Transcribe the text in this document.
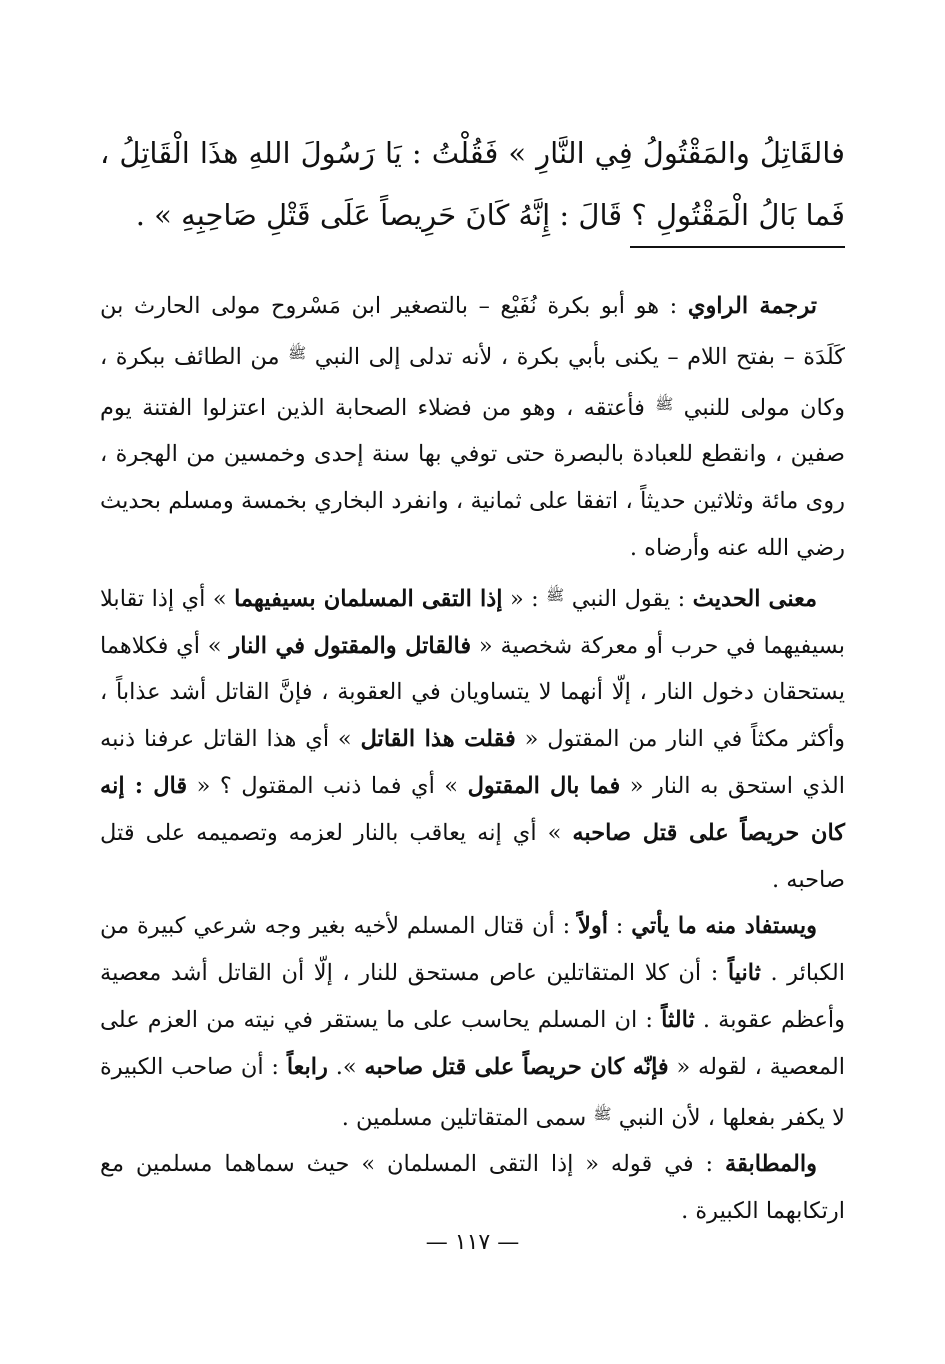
فالقَاتِلُ والمَقْتُولُ فِي النَّارِ » فَقُلْتُ : يَا رَسُولَ اللهِ هذَا الْقَاتِلُ ، فَما بَالُ الْمَقْتُولِ ؟ قَالَ : إِنَّهُ كَانَ حَرِيصاً عَلَى قَتْلِ صَاحِبِهِ » .

ترجمة الراوي : هو أبو بكرة نُفَيْع – بالتصغير ابن مَسْروح مولى الحارث بن كَلَدَة – بفتح اللام – يكنى بأبي بكرة ، لأنه تدلى إلى النبي $^ﷺ$ من الطائف ببكرة ، وكان مولى للنبي $^ﷺ$ فأعتقه ، وهو من فضلاء الصحابة الذين اعتزلوا الفتنة يوم صفين ، وانقطع للعبادة بالبصرة حتى توفي بها سنة إحدى وخمسين من الهجرة ، روى مائة وثلاثين حديثاً ، اتفقا على ثمانية ، وانفرد البخاري بخمسة ومسلم بحديث رضي الله عنه وأرضاه .

معنى الحديث : يقول النبي $^ﷺ$ : « إذا التقى المسلمان بسيفيهما » أي إذا تقابلا بسيفيهما في حرب أو معركة شخصية « فالقاتل والمقتول في النار » أي فكلاهما يستحقان دخول النار ، إلّا أنهما لا يتساويان في العقوبة ، فإنَّ القاتل أشد عذاباً ، وأكثر مكثاً في النار من المقتول « فقلت هذا القاتل » أي هذا القاتل عرفنا ذنبه الذي استحق به النار « فما بال المقتول » أي فما ذنب المقتول ؟ « قال : إنه كان حريصاً على قتل صاحبه » أي إنه يعاقب بالنار لعزمه وتصميمه على قتل صاحبه .

ويستفاد منه ما يأتي : أولاً : أن قتال المسلم لأخيه بغير وجه شرعي كبيرة من الكبائر . ثانياً : أن كلا المتقاتلين عاص مستحق للنار ، إلّا أن القاتل أشد معصية وأعظم عقوبة . ثالثاً : ان المسلم يحاسب على ما يستقر في نيته من العزم على المعصية ، لقوله « فإنّه كان حريصاً على قتل صاحبه ». رابعاً : أن صاحب الكبيرة لا يكفر بفعلها ، لأن النبي $^ﷺ$ سمى المتقاتلين مسلمين .

والمطابقة : في قوله « إذا التقى المسلمان » حيث سماهما مسلمين مع ارتكابهما الكبيرة .

— ١١٧ —
